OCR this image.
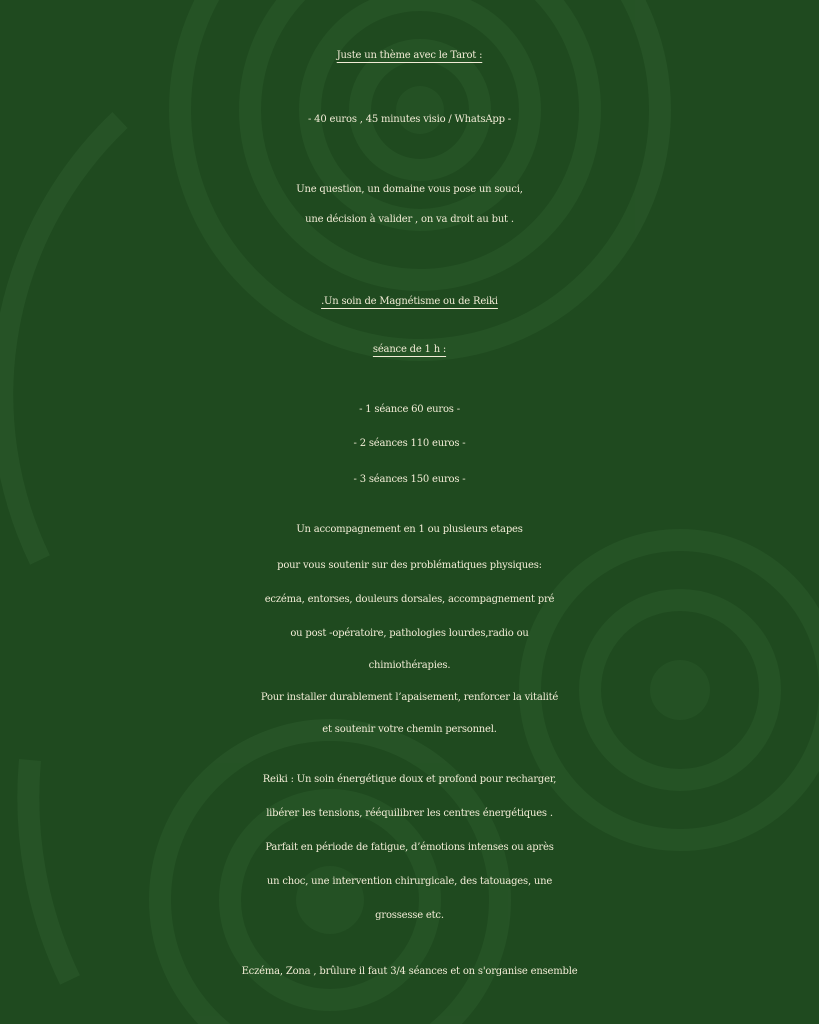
Juste un thème avec le Tarot :
- 40 euros , 45 minutes visio / WhatsApp -
Une question, un domaine vous pose un souci,
une décision à valider , on va droit au but .
.Un soin de Magnétisme ou de Reiki
séance de 1 h :
- 1 séance 60 euros -
- 2 séances 110 euros -
- 3 séances 150 euros -
Un accompagnement en 1 ou plusieurs etapes
pour vous soutenir sur des problématiques physiques:
eczéma, entorses, douleurs dorsales, accompagnement pré
ou post -opératoire, pathologies lourdes,radio ou
chimiothérapies.
Pour installer durablement l’apaisement, renforcer la vitalité
et soutenir votre chemin personnel.
Reiki : Un soin énergétique doux et profond pour recharger,
libérer les tensions, rééquilibrer les centres énergétiques .
Parfait en période de fatigue, d’émotions intenses ou après
un choc, une intervention chirurgicale, des tatouages, une
grossesse etc.
Eczéma, Zona , brûlure il faut 3/4 séances et on s'organise ensemble
